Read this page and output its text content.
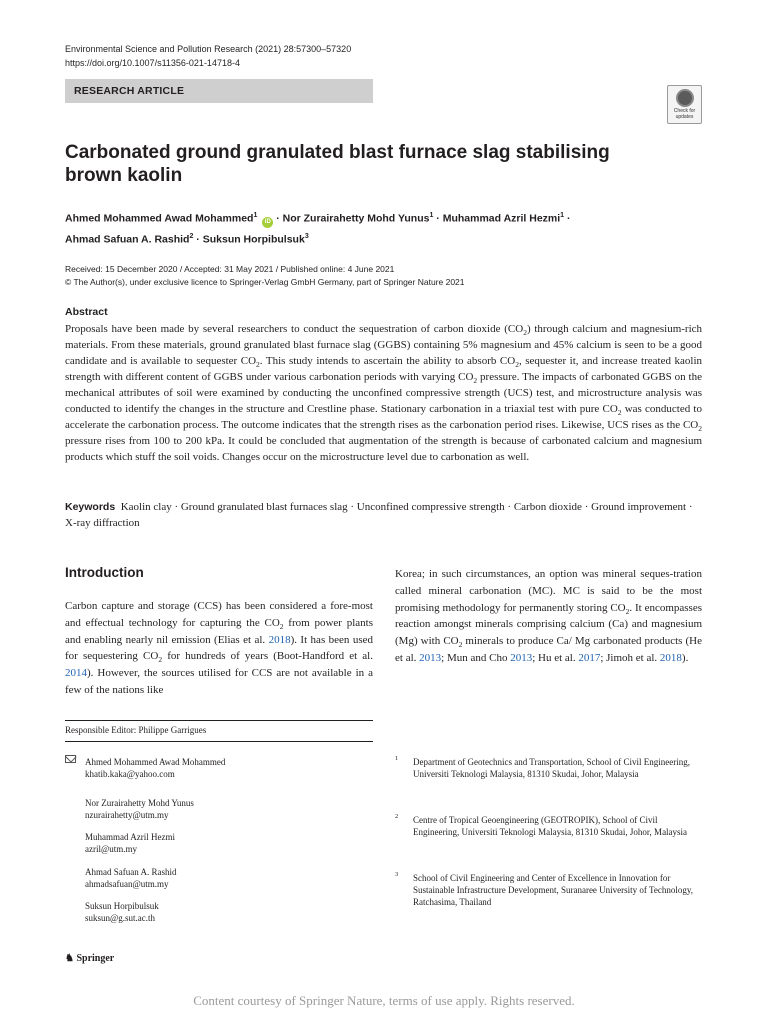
Environmental Science and Pollution Research (2021) 28:57300–57320
https://doi.org/10.1007/s11356-021-14718-4
RESEARCH ARTICLE
Check for updates
Carbonated ground granulated blast furnace slag stabilising
brown kaolin
Ahmed Mohammed Awad Mohammed$^1$ iD · Nor Zurairahetty Mohd Yunus$^1$ · Muhammad Azril Hezmi$^1$ ·
Ahmad Safuan A. Rashid$^2$ · Suksun Horpibulsuk$^3$
Received: 15 December 2020 / Accepted: 31 May 2021 / Published online: 4 June 2021
© The Author(s), under exclusive licence to Springer-Verlag GmbH Germany, part of Springer Nature 2021
Abstract
Proposals have been made by several researchers to conduct the sequestration of carbon dioxide $(CO_2)$ through calcium and magnesium-rich materials. From these materials, ground granulated blast furnace slag (GGBS) containing 5% magnesium and 45% calcium is seen to be a good candidate and is available to sequester $CO_2$. This study intends to ascertain the ability to absorb $CO_2$, sequester it, and increase treated kaolin strength with different content of GGBS under various carbonation periods with varying $CO_2$ pressure. The impacts of carbonated GGBS on the mechanical attributes of soil were examined by conducting the unconfined compressive strength (UCS) test, and microstructure analysis was conducted to identify the changes in the structure and Crestline phase. Stationary carbonation in a triaxial test with pure $CO_2$ was conducted to accelerate the carbonation process. The outcome indicates that the strength rises as the carbonation period rises. Likewise, UCS rises as the $CO_2$ pressure rises from 100 to 200 kPa. It could be concluded that augmentation of the strength is because of carbonated calcium and magnesium products which stuff the soil voids. Changes occur on the microstructure level due to carbonation as well.
Keywords Kaolin clay · Ground granulated blast furnaces slag · Unconfined compressive strength · Carbon dioxide · Ground improvement · X-ray diffraction
Introduction
Carbon capture and storage (CCS) has been considered a fore-most and effectual technology for capturing the $CO_2$ from power plants and enabling nearly nil emission (Elias et al. 2018). It has been used for sequestering $CO_2$ for hundreds of years (Boot-Handford et al. 2014). However, the sources utilised for CCS are not available in a few of the nations like
Korea; in such circumstances, an option was mineral seques-tration called mineral carbonation (MC). MC is said to be the most promising methodology for permanently storing $CO_2$. It encompasses reaction amongst minerals comprising calcium (Ca) and magnesium (Mg) with $CO_2$ minerals to produce Ca/ Mg carbonated products (He et al. 2013; Mun and Cho 2013; Hu et al. 2017; Jimoh et al. 2018).
Responsible Editor: Philippe Garrigues
Ahmed Mohammed Awad Mohammed
khatib.kaka@yahoo.com
Nor Zurairahetty Mohd Yunus
nzurairahetty@utm.my
Muhammad Azril Hezmi
azril@utm.my
Ahmad Safuan A. Rashid
ahmadsafuan@utm.my
Suksun Horpibulsuk
suksun@g.sut.ac.th
1 Department of Geotechnics and Transportation, School of Civil Engineering, Universiti Teknologi Malaysia, 81310 Skudai, Johor, Malaysia
2 Centre of Tropical Geoengineering (GEOTROPIK), School of Civil Engineering, Universiti Teknologi Malaysia, 81310 Skudai, Johor, Malaysia
3 School of Civil Engineering and Center of Excellence in Innovation for Sustainable Infrastructure Development, Suranaree University of Technology, Ratchasima, Thailand
♞ Springer
Content courtesy of Springer Nature, terms of use apply. Rights reserved.
